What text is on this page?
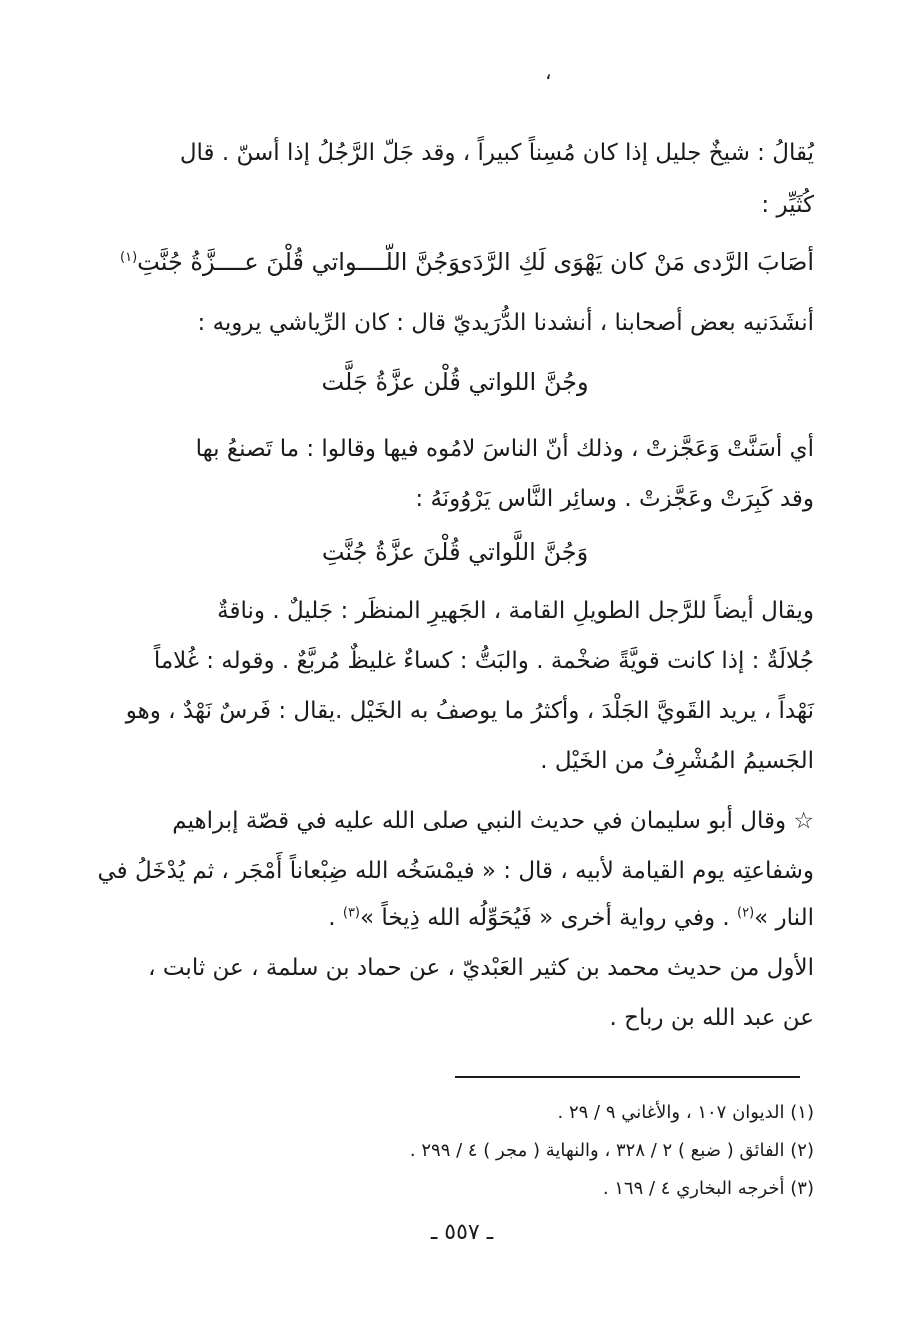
،
يُقالُ : شيخٌ جليل إذا كان مُسِناً كبيراً ، وقد جَلّ الرَّجُلُ إذا أسنّ . قال
كُثَيِّر :
أصَابَ الرَّدى مَنْ كان يَهْوَى لَكِ الرَّدَى
وَجُنَّ اللّــــواتي قُلْنَ عــــزَّةُ جُنَّتِ$^{(١)}$
أنشَدَنيه بعض أصحابنا ، أنشدنا الدُّرَيديّ قال : كان الرِّياشي يرويه :
وجُنَّ اللواتي قُلْن عزَّةُ جَلَّت
أي أسَنَّتْ وَعَجَّزتْ ، وذلك أنّ الناسَ لامُوه فيها وقالوا : ما تَصنعُ بها
وقد كَبِرَتْ وعَجَّزتْ . وسائِر النَّاس يَرْوُونَهُ :
وَجُنَّ اللَّواتي قُلْنَ عزَّةُ جُنَّتِ
ويقال أيضاً للرَّجل الطويلِ القامة ، الجَهيرِ المنظَر : جَليلٌ . وناقةٌ
جُلالَةٌ : إذا كانت قويَّةً ضخْمة . والبَتُّ : كساءٌ غليظٌ مُربَّعٌ . وقوله : غُلاماً
نَهْداً ، يريد القَويَّ الجَلْدَ ، وأكثرُ ما يوصفُ به الخَيْل .يقال : فَرسٌ نَهْدٌ ، وهو
الجَسيمُ المُشْرِفُ من الخَيْل .
☆ وقال أبو سليمان في حديث النبي صلى الله عليه في قصّة إبراهيم
وشفاعتِه يوم القيامة لأبيه ، قال : « فيمْسَخُه الله ضِبْعاناً أَمْجَر ، ثم يُدْخَلُ في
النار »$^{(٢)}$ . وفي رواية أخرى « فَيُحَوِّلُه الله ذِيخاً »$^{(٣)}$ .
الأول من حديث محمد بن كثير العَبْديّ ، عن حماد بن سلمة ، عن ثابت ،
عن عبد الله بن رباح .
(١) الديوان ١٠٧ ، والأغاني ٩ / ٢٩ .
(٢) الفائق ( ضبع ) ٢ / ٣٢٨ ، والنهاية ( مجر ) ٤ / ٢٩٩ .
(٣) أخرجه البخاري ٤ / ١٦٩ .
ـ ٥٥٧ ـ
